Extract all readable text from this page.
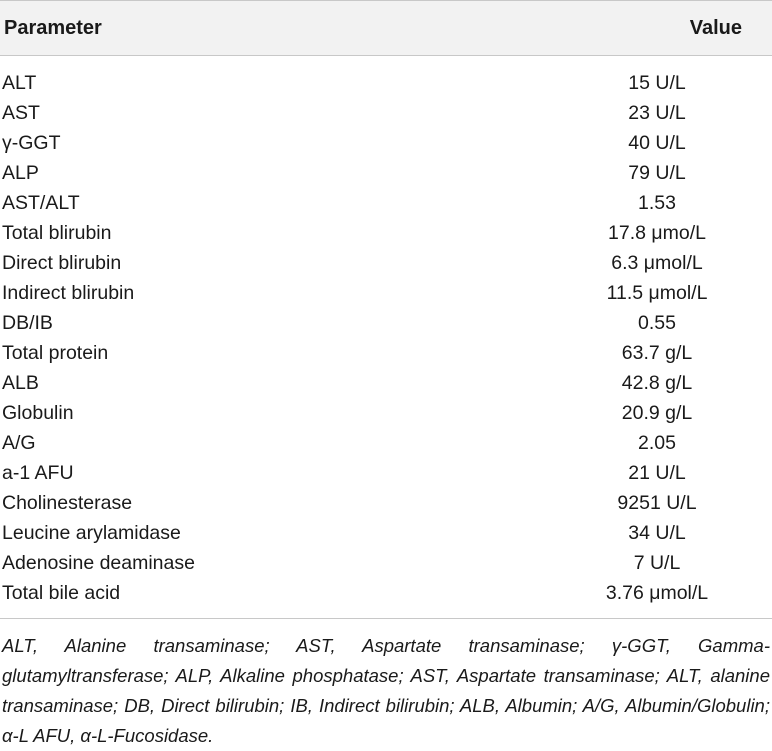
Parameter	Value
ALT	15 U/L
AST	23 U/L
γ-GGT	40 U/L
ALP	79 U/L
AST/ALT	1.53
Total blirubin	17.8 μmo/L
Direct blirubin	6.3 μmol/L
Indirect blirubin	11.5 μmol/L
DB/IB	0.55
Total protein	63.7 g/L
ALB	42.8 g/L
Globulin	20.9 g/L
A/G	2.05
a-1 AFU	21 U/L
Cholinesterase	9251 U/L
Leucine arylamidase	34 U/L
Adenosine deaminase	7 U/L
Total bile acid	3.76 μmol/L
ALT, Alanine transaminase; AST, Aspartate transaminase; γ-GGT, Gamma-glutamyltransferase; ALP, Alkaline phosphatase; AST, Aspartate transaminase; ALT, alanine transaminase; DB, Direct bilirubin; IB, Indirect bilirubin; ALB, Albumin; A/G, Albumin/Globulin; α-L AFU, α-L-Fucosidase.
